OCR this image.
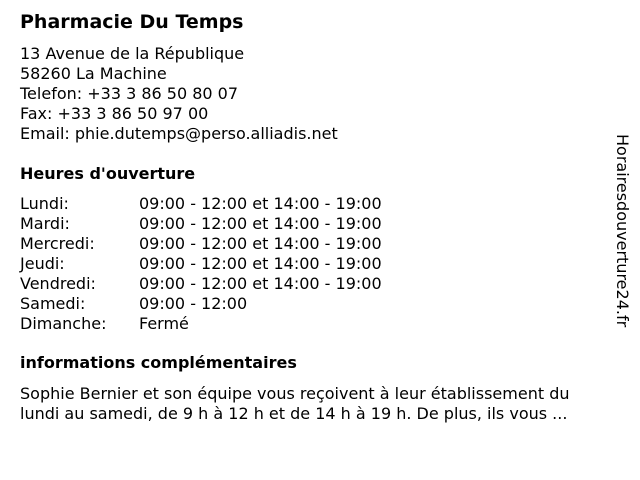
Pharmacie Du Temps
13 Avenue de la République
58260 La Machine
Telefon: +33 3 86 50 80 07
Fax: +33 3 86 50 97 00
Email: phie.dutemps@perso.alliadis.net
Heures d'ouverture
Lundi:	09:00 - 12:00 et 14:00 - 19:00
Mardi:	09:00 - 12:00 et 14:00 - 19:00
Mercredi:	09:00 - 12:00 et 14:00 - 19:00
Jeudi:	09:00 - 12:00 et 14:00 - 19:00
Vendredi:	09:00 - 12:00 et 14:00 - 19:00
Samedi:	09:00 - 12:00
Dimanche: Fermé
informations complémentaires
Sophie Bernier et son équipe vous reçoivent à leur établissement du
lundi au samedi, de 9 h à 12 h et de 14 h à 19 h. De plus, ils vous ...
Horairesdouverture24.fr
